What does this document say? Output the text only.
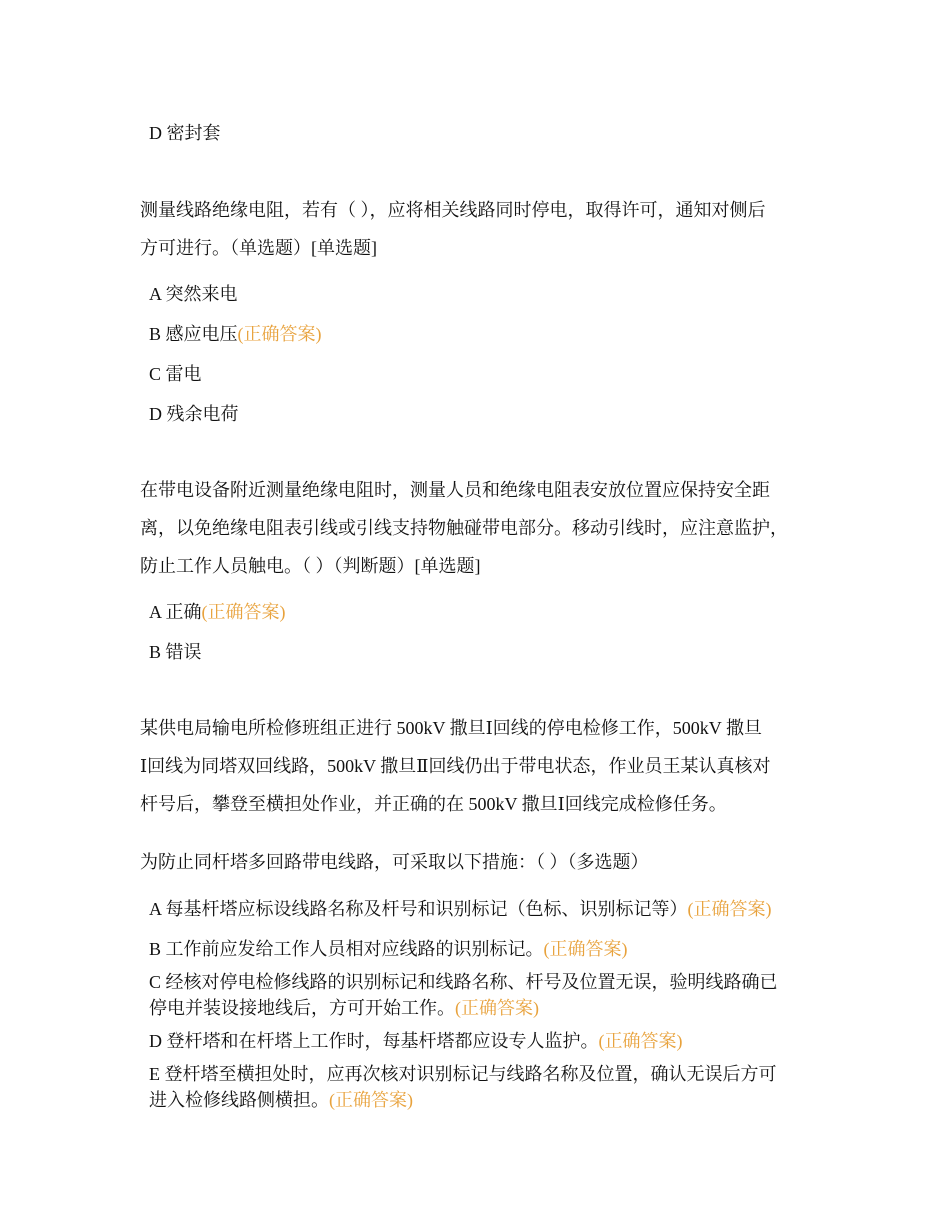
D 密封套
测量线路绝缘电阻，若有（ ），应将相关线路同时停电，取得许可，通知对侧后
方可进行。（单选题）[单选题]
A 突然来电
B 感应电压(正确答案)
C 雷电
D 残余电荷
在带电设备附近测量绝缘电阻时，测量人员和绝缘电阻表安放位置应保持安全距
离，以免绝缘电阻表引线或引线支持物触碰带电部分。移动引线时，应注意监护，
防止工作人员触电。（ ）（判断题）[单选题]
A 正确(正确答案)
B 错误
某供电局输电所检修班组正进行 500kV 撒旦Ⅰ回线的停电检修工作，500kV 撒旦
Ⅰ回线为同塔双回线路，500kV 撒旦Ⅱ回线仍出于带电状态，作业员王某认真核对
杆号后，攀登至横担处作业，并正确的在 500kV 撒旦Ⅰ回线完成检修任务。
为防止同杆塔多回路带电线路，可采取以下措施：（ ）（多选题）
A 每基杆塔应标设线路名称及杆号和识别标记（色标、识别标记等）(正确答案)
B 工作前应发给工作人员相对应线路的识别标记。(正确答案)
C 经核对停电检修线路的识别标记和线路名称、杆号及位置无误，验明线路确已
停电并装设接地线后，方可开始工作。(正确答案)
D 登杆塔和在杆塔上工作时，每基杆塔都应设专人监护。(正确答案)
E 登杆塔至横担处时，应再次核对识别标记与线路名称及位置，确认无误后方可
进入检修线路侧横担。(正确答案)
